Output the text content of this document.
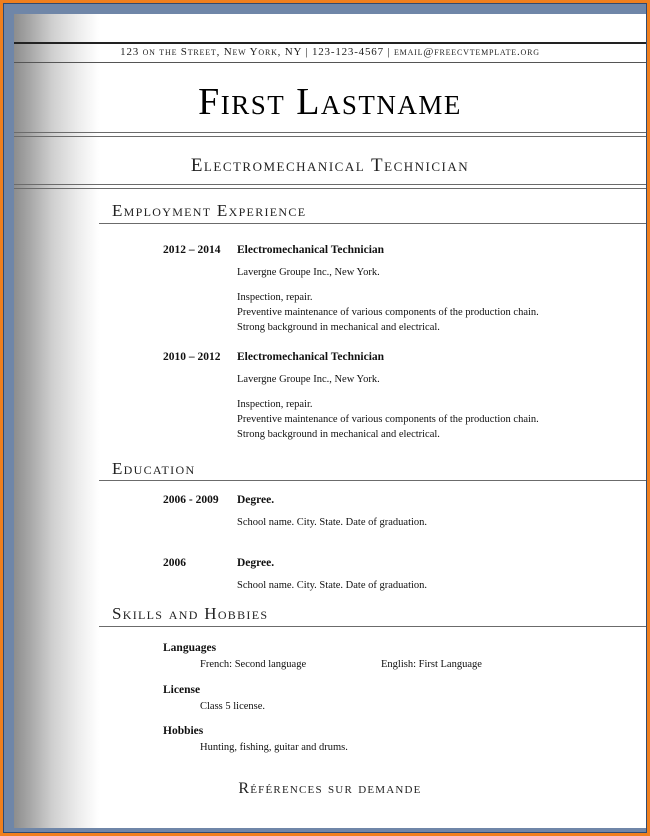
123 on the Street, New York, NY | 123-123-4567 | email@freecvtemplate.org
First Lastname
Electromechanical Technician
Employment Experience
2012 – 2014 Electromechanical Technician
Lavergne Groupe Inc., New York.
Inspection, repair.
Preventive maintenance of various components of the production chain.
Strong background in mechanical and electrical.
2010 – 2012 Electromechanical Technician
Lavergne Groupe Inc., New York.
Inspection, repair.
Preventive maintenance of various components of the production chain.
Strong background in mechanical and electrical.
Education
2006 - 2009 Degree.
School name. City. State. Date of graduation.
2006	Degree.
School name. City. State. Date of graduation.
Skills and Hobbies
Languages
French: Second language	English: First Language
License
Class 5 license.
Hobbies
Hunting, fishing, guitar and drums.
Références sur demande
